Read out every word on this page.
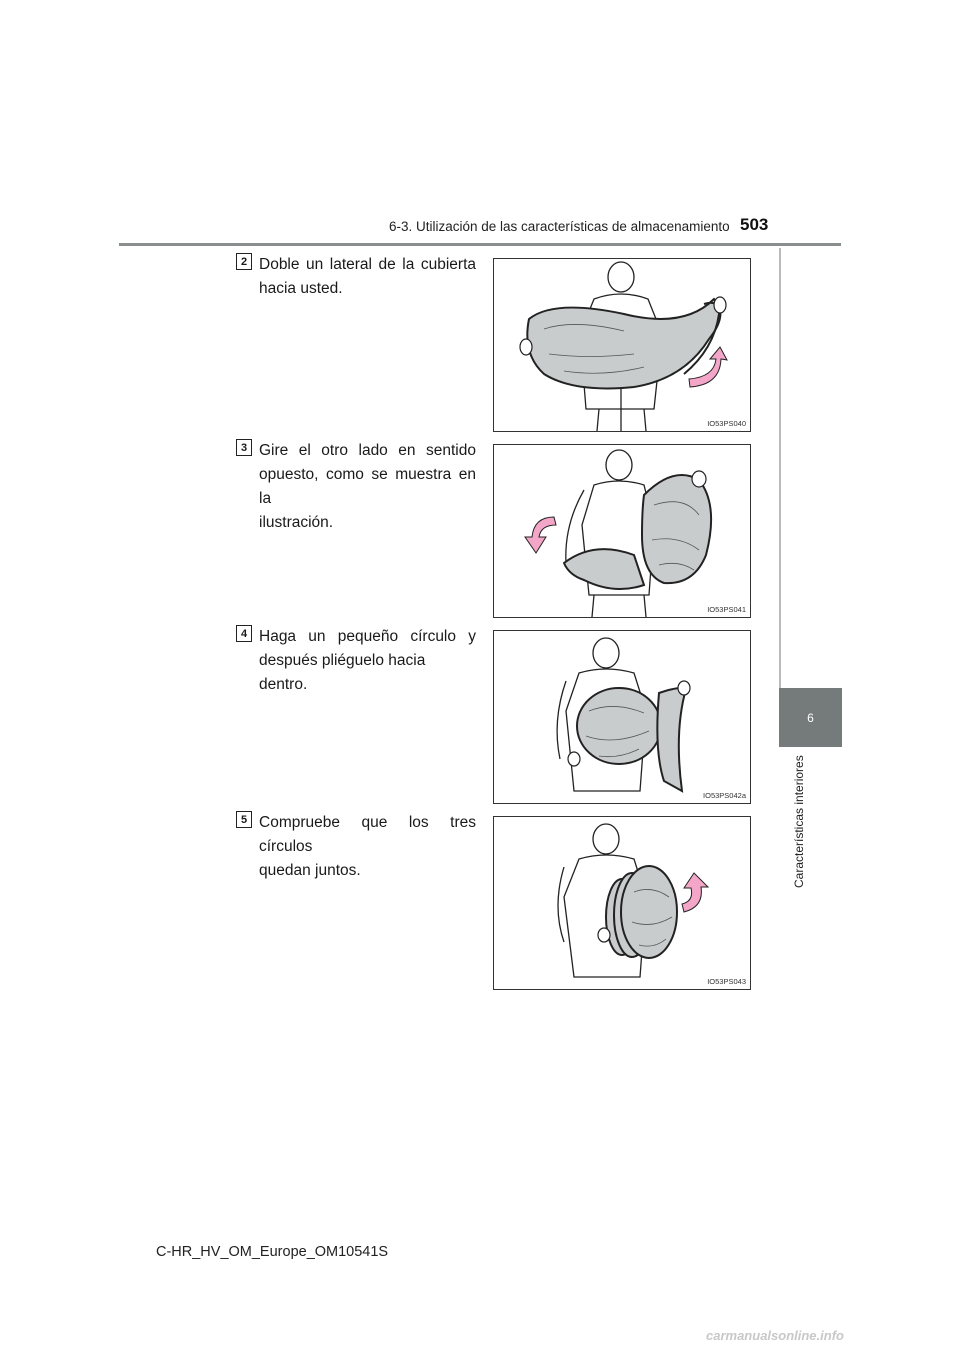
6-3. Utilización de las características de almacenamiento 503
6
Características interiores
2 Doble un lateral de la cubierta
hacia usted.
IO53PS040
3 Gire el otro lado en sentido
opuesto, como se muestra en la
ilustración.
IO53PS041
4 Haga un pequeño círculo y
después pliéguelo hacia dentro.
IO53PS042a
5 Compruebe que los tres círculos
quedan juntos.
IO53PS043
C-HR_HV_OM_Europe_OM10541S
carmanualsonline.info
